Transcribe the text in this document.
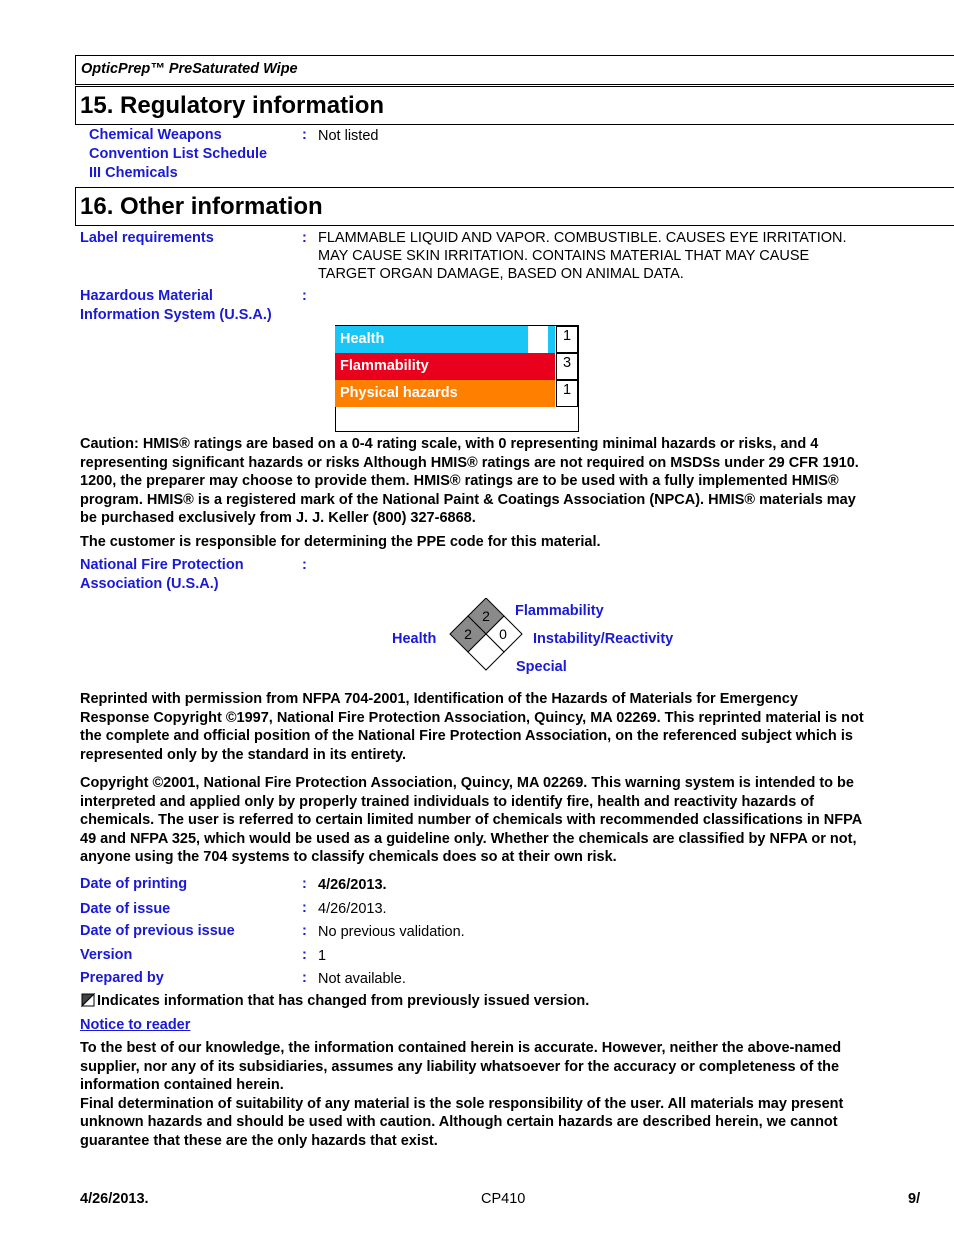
OpticPrep™ PreSaturated Wipe
15. Regulatory information
Chemical Weapons
Convention List Schedule
III Chemicals
: Not listed
16. Other information
Label requirements	: FLAMMABLE LIQUID AND VAPOR. COMBUSTIBLE. CAUSES EYE IRRITATION.
MAY CAUSE SKIN IRRITATION. CONTAINS MATERIAL THAT MAY CAUSE
TARGET ORGAN DAMAGE, BASED ON ANIMAL DATA.
Hazardous Material
Information System (U.S.A.)
:
Health	1
Flammability	3
Physical hazards	1
Caution: HMIS® ratings are based on a 0-4 rating scale, with 0 representing minimal hazards or risks, and 4
representing significant hazards or risks Although HMIS® ratings are not required on MSDSs under 29 CFR 1910.
1200, the preparer may choose to provide them. HMIS® ratings are to be used with a fully implemented HMIS®
program. HMIS® is a registered mark of the National Paint & Coatings Association (NPCA). HMIS® materials may
be purchased exclusively from J. J. Keller (800) 327-6868.
The customer is responsible for determining the PPE code for this material.
National Fire Protection
Association (U.S.A.)
:
2
2 0
Flammability
Health	Instability/Reactivity
Special
Reprinted with permission from NFPA 704-2001, Identification of the Hazards of Materials for Emergency
Response Copyright ©1997, National Fire Protection Association, Quincy, MA 02269. This reprinted material is not
the complete and official position of the National Fire Protection Association, on the referenced subject which is
represented only by the standard in its entirety.
Copyright ©2001, National Fire Protection Association, Quincy, MA 02269. This warning system is intended to be
interpreted and applied only by properly trained individuals to identify fire, health and reactivity hazards of
chemicals. The user is referred to certain limited number of chemicals with recommended classifications in NFPA
49 and NFPA 325, which would be used as a guideline only. Whether the chemicals are classified by NFPA or not,
anyone using the 704 systems to classify chemicals does so at their own risk.
Date of printing	: 4/26/2013.
Date of issue	: 4/26/2013.
Date of previous issue	: No previous validation.
Version	: 1
Prepared by	: Not available.
Indicates information that has changed from previously issued version.
Notice to reader
To the best of our knowledge, the information contained herein is accurate. However, neither the above-named
supplier, nor any of its subsidiaries, assumes any liability whatsoever for the accuracy or completeness of the
information contained herein.
Final determination of suitability of any material is the sole responsibility of the user. All materials may present
unknown hazards and should be used with caution. Although certain hazards are described herein, we cannot
guarantee that these are the only hazards that exist.
4/26/2013.	CP410	9/
